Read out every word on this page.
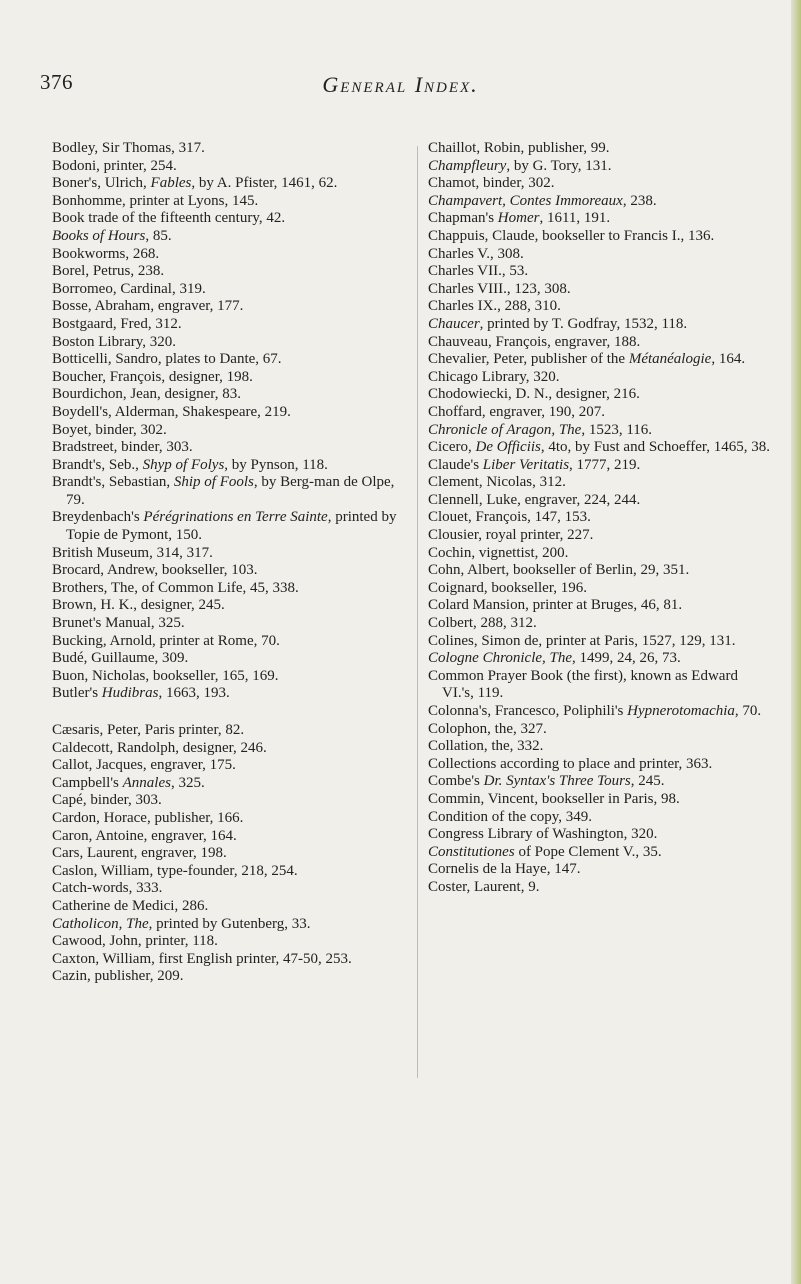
376	General Index.

Bodley, Sir Thomas, 317.

Bodoni, printer, 254.

Boner's, Ulrich, Fables, by A. Pfister, 1461, 62.

Bonhomme, printer at Lyons, 145.

Book trade of the fifteenth century, 42.

Books of Hours, 85.

Bookworms, 268.

Borel, Petrus, 238.

Borromeo, Cardinal, 319.

Bosse, Abraham, engraver, 177.

Bostgaard, Fred, 312.

Boston Library, 320.

Botticelli, Sandro, plates to Dante, 67.

Boucher, François, designer, 198.

Bourdichon, Jean, designer, 83.

Boydell's, Alderman, Shakespeare, 219.

Boyet, binder, 302.

Bradstreet, binder, 303.

Brandt's, Seb., Shyp of Folys, by Pynson, 118.

Brandt's, Sebastian, Ship of Fools, by Berg-man de Olpe, 79.

Breydenbach's Pérégrinations en Terre Sainte, printed by Topie de Pymont, 150.

British Museum, 314, 317.

Brocard, Andrew, bookseller, 103.

Brothers, The, of Common Life, 45, 338.

Brown, H. K., designer, 245.

Brunet's Manual, 325.

Bucking, Arnold, printer at Rome, 70.

Budé, Guillaume, 309.

Buon, Nicholas, bookseller, 165, 169.

Butler's Hudibras, 1663, 193.

Cæsaris, Peter, Paris printer, 82.

Caldecott, Randolph, designer, 246.

Callot, Jacques, engraver, 175.

Campbell's Annales, 325.

Capé, binder, 303.

Cardon, Horace, publisher, 166.

Caron, Antoine, engraver, 164.

Cars, Laurent, engraver, 198.

Caslon, William, type-founder, 218, 254.

Catch-words, 333.

Catherine de Medici, 286.

Catholicon, The, printed by Gutenberg, 33.

Cawood, John, printer, 118.

Caxton, William, first English printer, 47-50, 253.

Cazin, publisher, 209.

Chaillot, Robin, publisher, 99.

Champfleury, by G. Tory, 131.

Chamot, binder, 302.

Champavert, Contes Immoreaux, 238.

Chapman's Homer, 1611, 191.

Chappuis, Claude, bookseller to Francis I., 136.

Charles V., 308.

Charles VII., 53.

Charles VIII., 123, 308.

Charles IX., 288, 310.

Chaucer, printed by T. Godfray, 1532, 118.

Chauveau, François, engraver, 188.

Chevalier, Peter, publisher of the Métanéalogie, 164.

Chicago Library, 320.

Chodowiecki, D. N., designer, 216.

Choffard, engraver, 190, 207.

Chronicle of Aragon, The, 1523, 116.

Cicero, De Officiis, 4to, by Fust and Schoeffer, 1465, 38.

Claude's Liber Veritatis, 1777, 219.

Clement, Nicolas, 312.

Clennell, Luke, engraver, 224, 244.

Clouet, François, 147, 153.

Clousier, royal printer, 227.

Cochin, vignettist, 200.

Cohn, Albert, bookseller of Berlin, 29, 351.

Coignard, bookseller, 196.

Colard Mansion, printer at Bruges, 46, 81.

Colbert, 288, 312.

Colines, Simon de, printer at Paris, 1527, 129, 131.

Cologne Chronicle, The, 1499, 24, 26, 73.

Common Prayer Book (the first), known as Edward VI.'s, 119.

Colonna's, Francesco, Poliphili's Hypnerotomachia, 70.

Colophon, the, 327.

Collation, the, 332.

Collections according to place and printer, 363.

Combe's Dr. Syntax's Three Tours, 245.

Commin, Vincent, bookseller in Paris, 98.

Condition of the copy, 349.

Congress Library of Washington, 320.

Constitutiones of Pope Clement V., 35.

Cornelis de la Haye, 147.

Coster, Laurent, 9.
